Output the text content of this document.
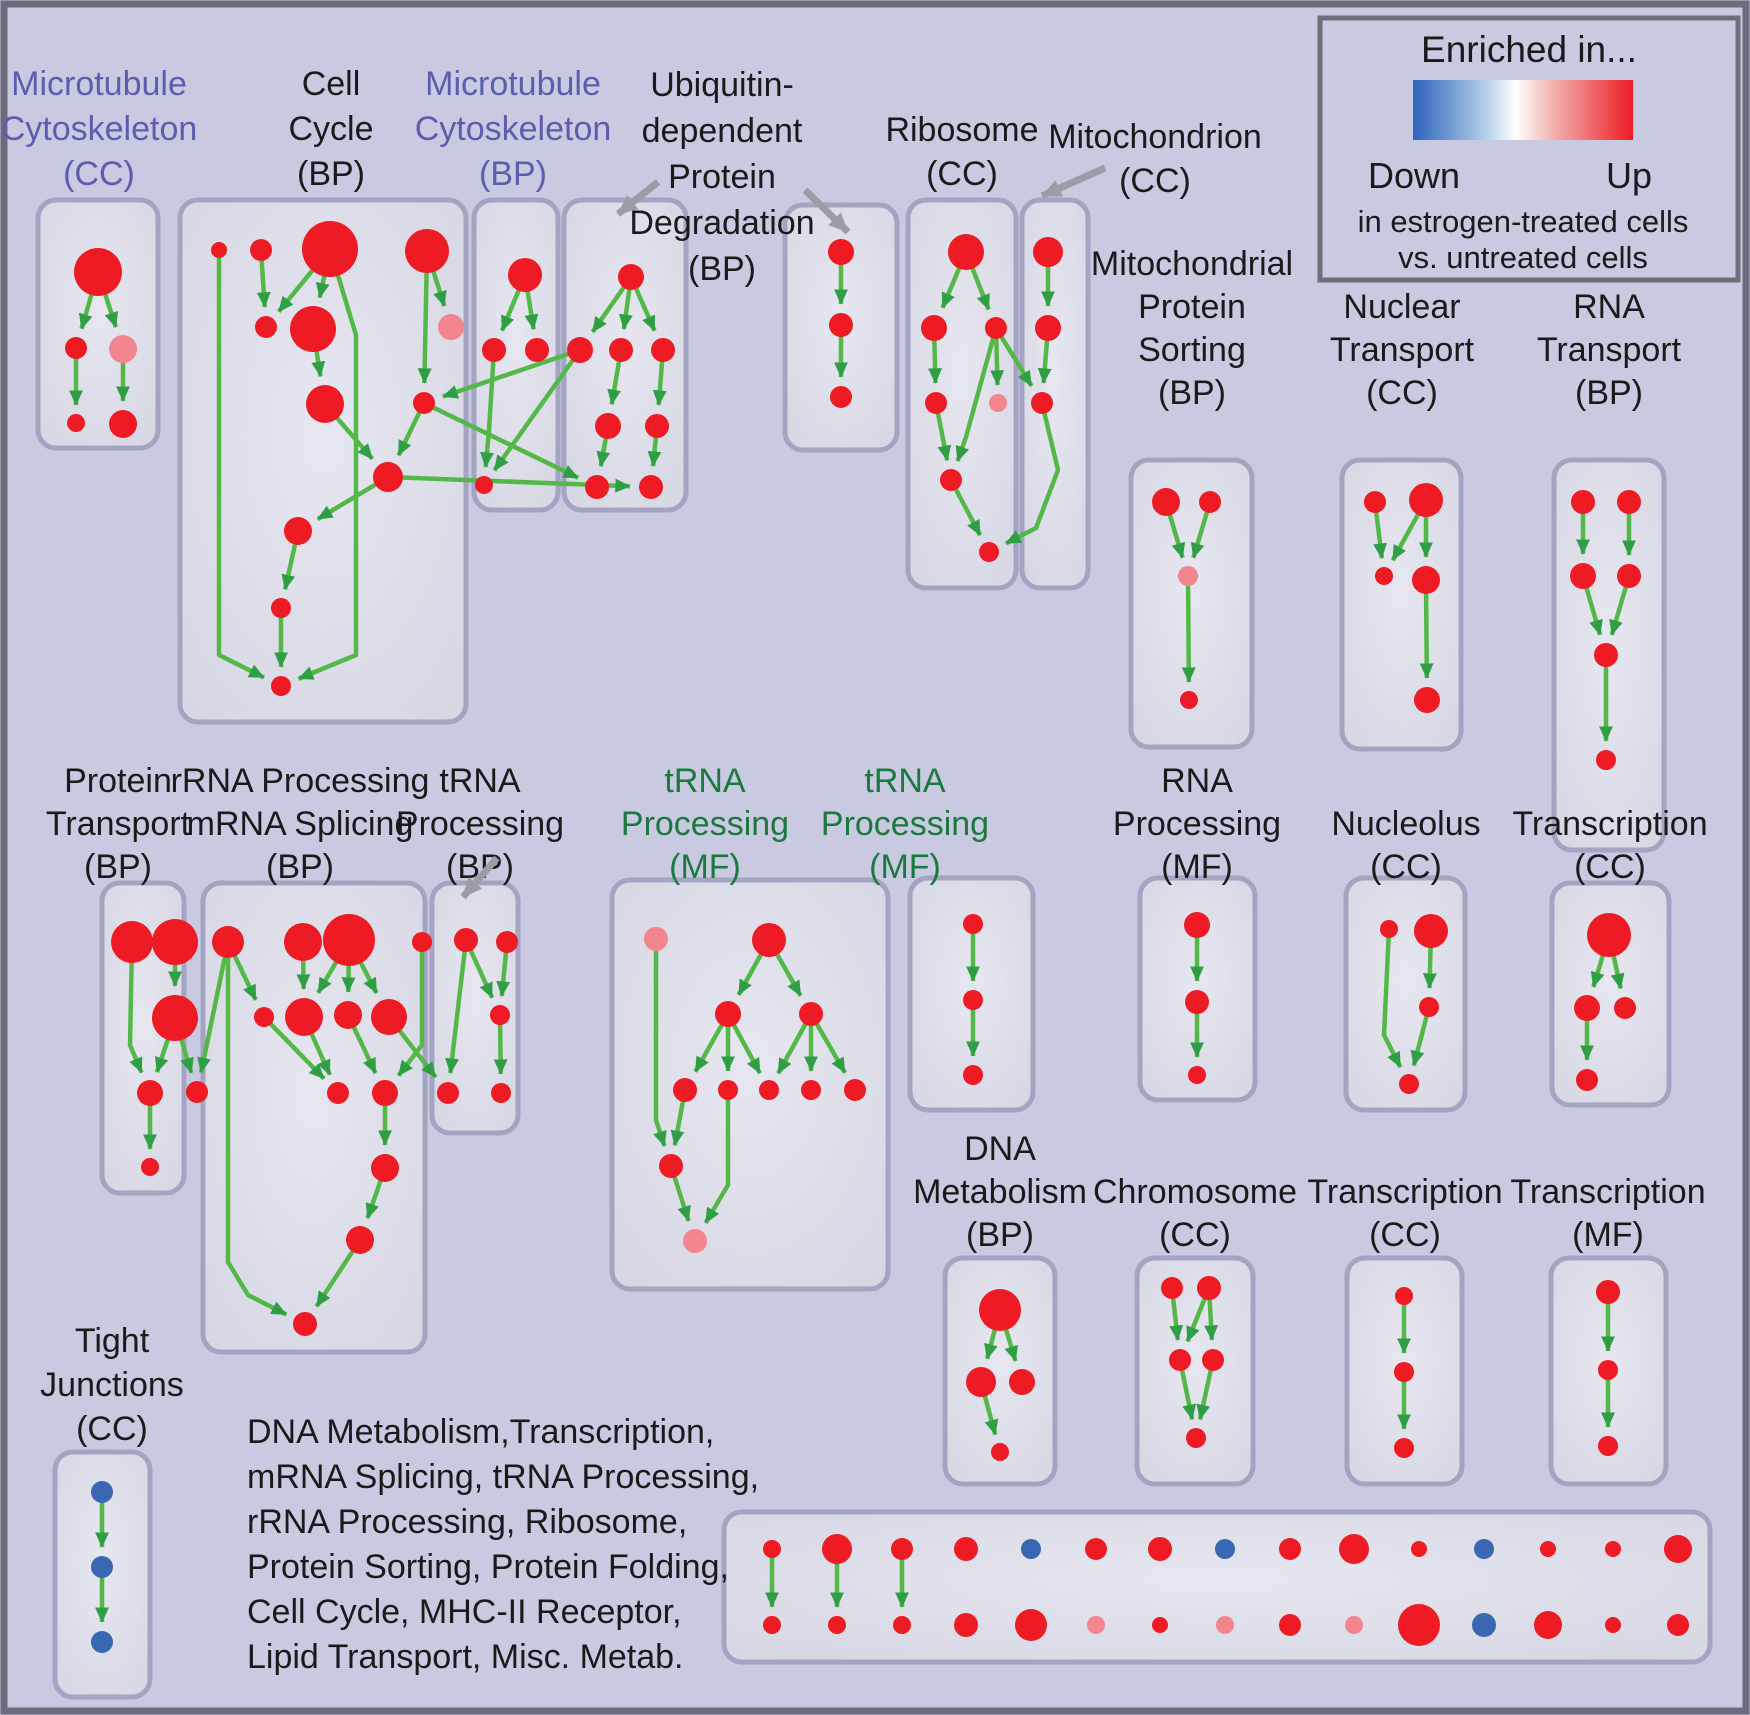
Microtubule Cytoskeleton (CC)
Cell Cycle (BP)
Microtubule Cytoskeleton (BP)
Ubiquitin-dependent Protein Degradation (BP)
Ribosome (CC)
Mitochondrion (CC)
Mitochondrial Protein Sorting (BP)
Nuclear Transport (CC)
RNA Transport (BP)
Protein Transport (BP)
rRNA Processing mRNA Splicing (BP)
tRNA Processing (BP)
tRNA Processing (MF)
tRNA Processing (MF)
RNA Processing (MF)
Nucleolus (CC)
Transcription (CC)
DNA Metabolism (BP)
Chromosome (CC)
Transcription (CC)
Transcription (MF)
Tight Junctions (CC)	DNA Metabolism,Transcription, mRNA Splicing, tRNA Processing, rRNA Processing, Ribosome, Protein Sorting, Protein Folding, Cell Cycle, MHC-II Receptor, Lipid Transport, Misc. Metab.
Enriched in...
Down	Up
in estrogen-treated cells
vs. untreated cells
